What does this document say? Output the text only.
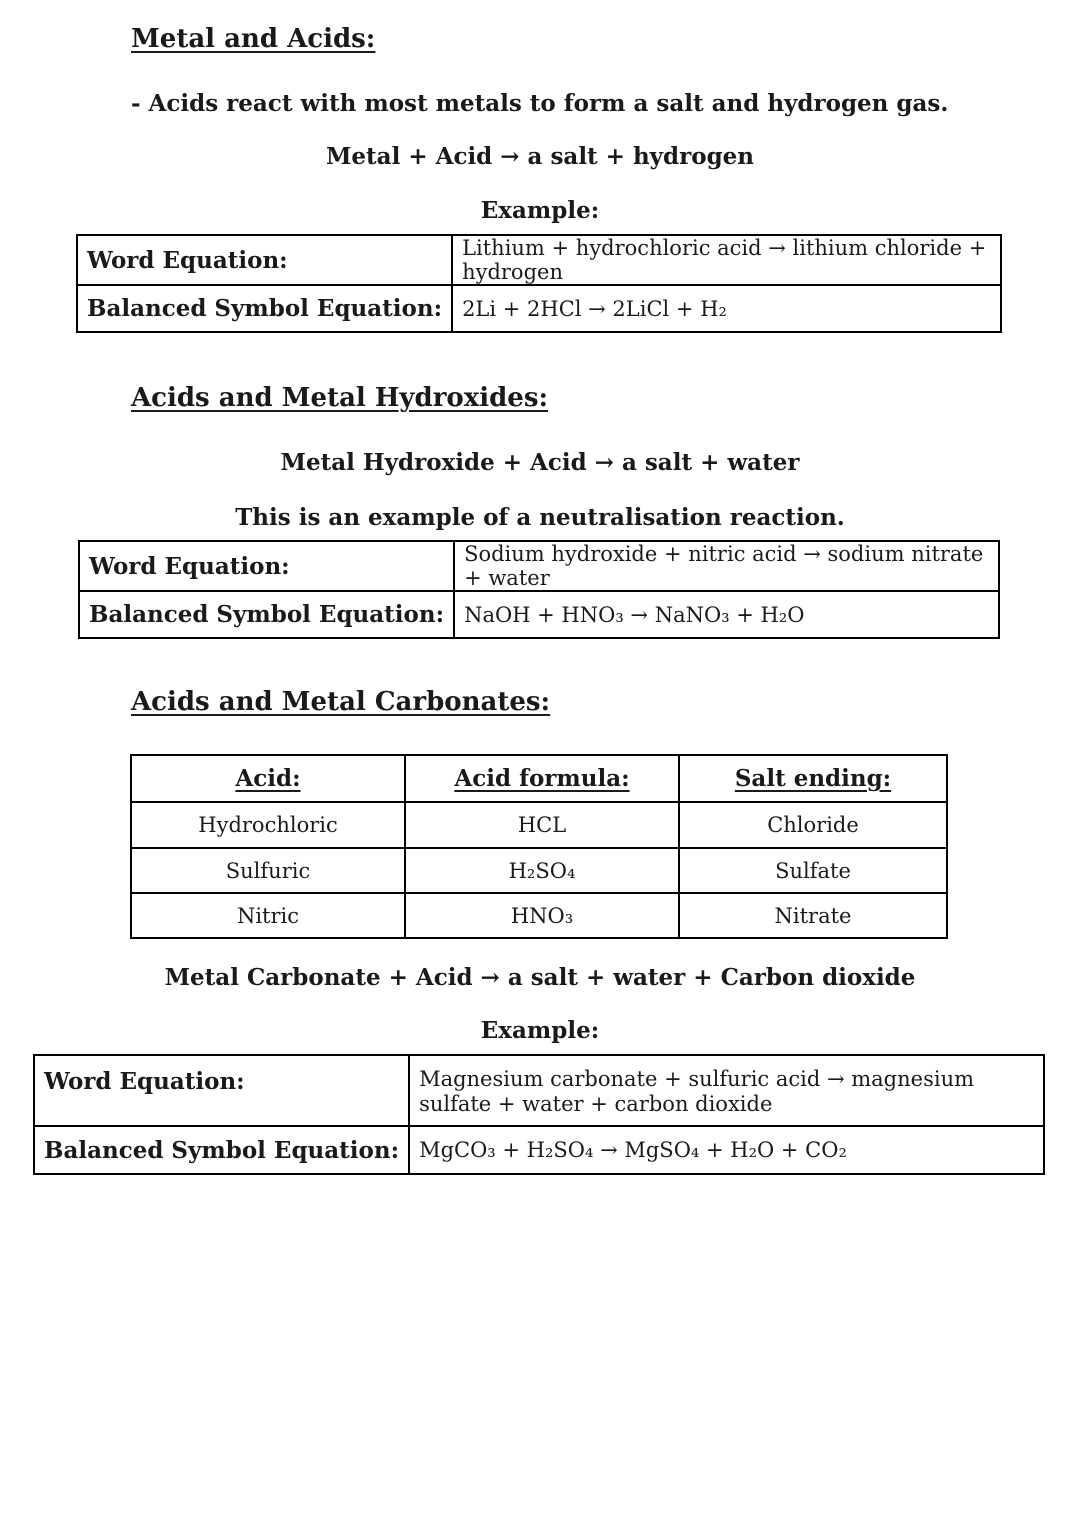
Metal and Acids:
- Acids react with most metals to form a salt and hydrogen gas.
Metal + Acid → a salt + hydrogen
Example:
Word Equation:	Lithium + hydrochloric acid → lithium chloride + hydrogen
Balanced Symbol Equation:	2Li + 2HCl → 2LiCl + H₂
Acids and Metal Hydroxides:
Metal Hydroxide + Acid → a salt + water
This is an example of a neutralisation reaction.
Word Equation:	Sodium hydroxide + nitric acid → sodium nitrate + water
Balanced Symbol Equation:	NaOH + HNO₃ → NaNO₃ + H₂O
Acids and Metal Carbonates:
Acid:	Acid formula:	Salt ending:
Hydrochloric	HCL	Chloride
Sulfuric	H₂SO₄	Sulfate
Nitric	HNO₃	Nitrate
Metal Carbonate + Acid → a salt + water + Carbon dioxide
Example:
Word Equation:	Magnesium carbonate + sulfuric acid → magnesium sulfate + water + carbon dioxide
Balanced Symbol Equation:	MgCO₃ + H₂SO₄ → MgSO₄ + H₂O + CO₂
